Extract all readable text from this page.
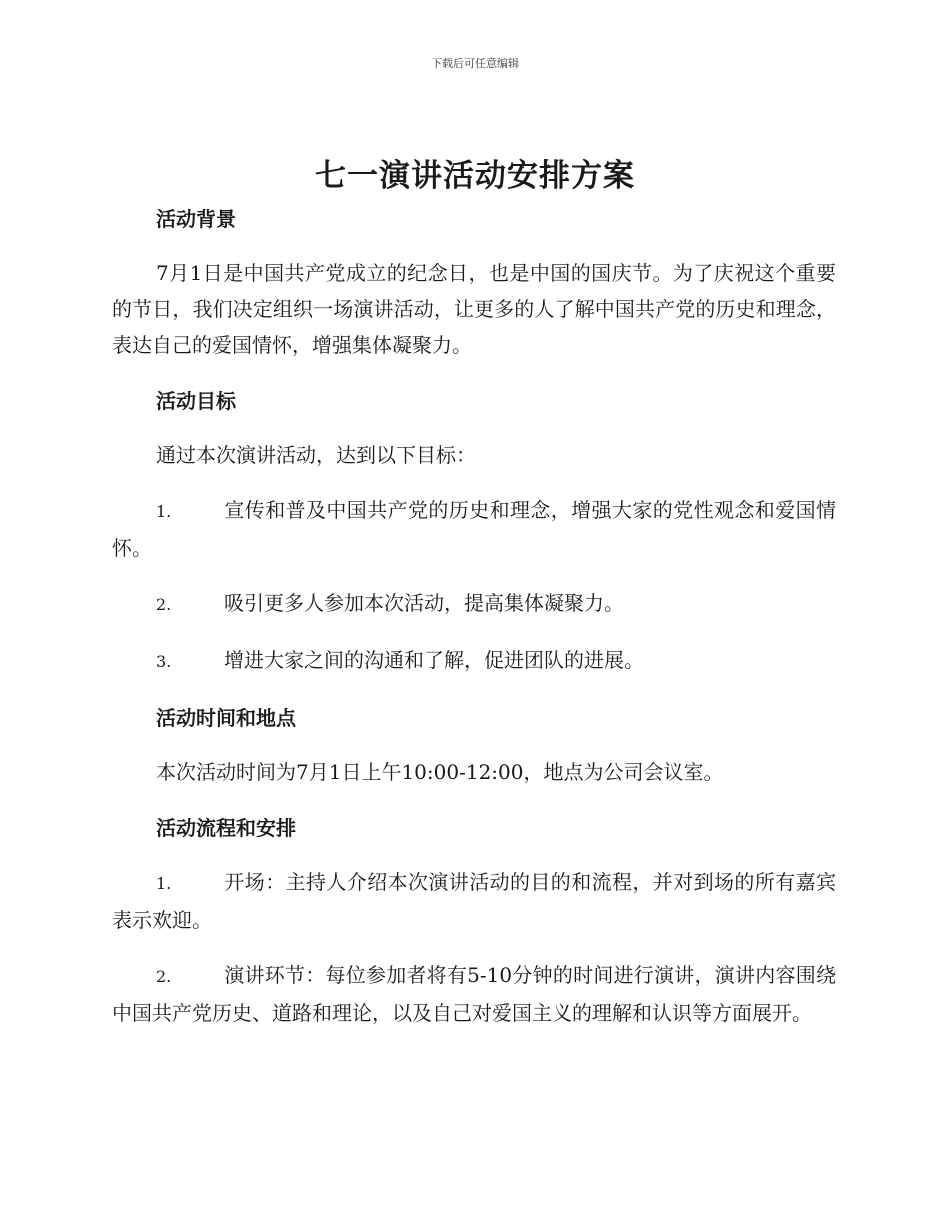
下载后可任意编辑
七一演讲活动安排方案
活动背景

7月1日是中国共产党成立的纪念日，也是中国的国庆节。为了庆祝这个重要的节日，我们决定组织一场演讲活动，让更多的人了解中国共产党的历史和理念，表达自己的爱国情怀，增强集体凝聚力。

活动目标

通过本次演讲活动，达到以下目标：

1.	宣传和普及中国共产党的历史和理念，增强大家的党性观念和爱国情怀。

2.	吸引更多人参加本次活动，提高集体凝聚力。

3.	增进大家之间的沟通和了解，促进团队的进展。

活动时间和地点

本次活动时间为7月1日上午10:00-12:00，地点为公司会议室。

活动流程和安排

1.	开场：主持人介绍本次演讲活动的目的和流程，并对到场的所有嘉宾表示欢迎。

2.	演讲环节：每位参加者将有5-10分钟的时间进行演讲，演讲内容围绕中国共产党历史、道路和理论，以及自己对爱国主义的理解和认识等方面展开。
